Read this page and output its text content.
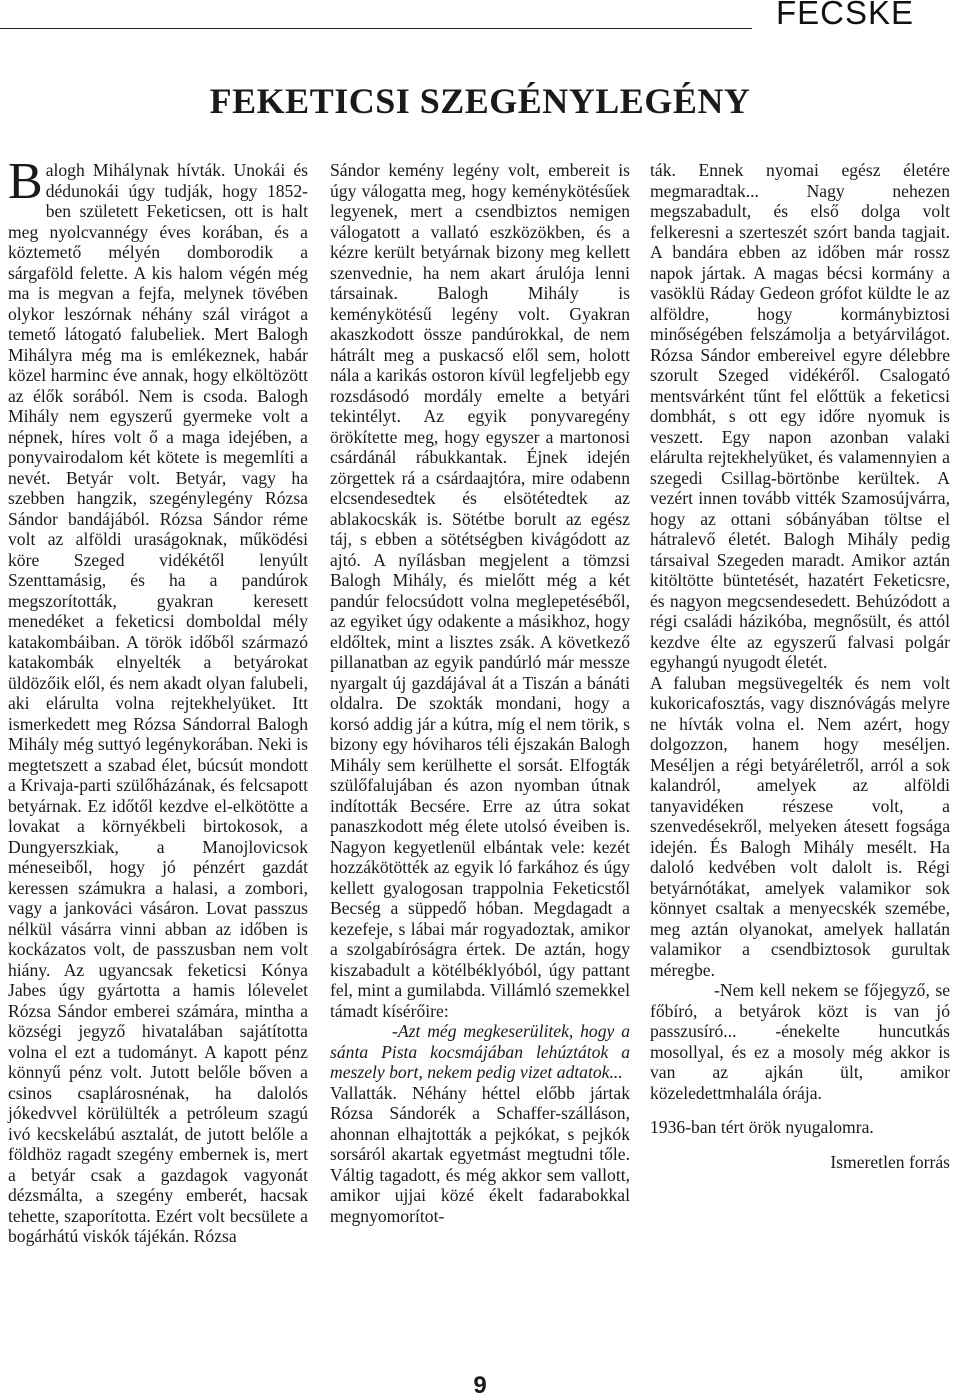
FECSKE
FEKETICSI SZEGÉNYLEGÉNY

Balogh Mihálynak hívták. Unokái és dédunokái úgy tudják, hogy 1852-ben született Feketicsen, ott is halt meg nyolcvannégy éves korában, és a köztemető mélyén domborodik a sárgaföld felette. A kis halom végén még ma is megvan a fejfa, melynek tövében olykor leszórnak néhány szál virágot a temető látogató falubeliek. Mert Balogh Mihályra még ma is emlékeznek, habár közel harminc éve annak, hogy elköltözött az élők sorából. Nem is csoda. Balogh Mihály nem egyszerű gyermeke volt a népnek, híres volt ő a maga idejében, a ponyvairodalom két kötete is megemlíti a nevét. Betyár volt. Betyár, vagy ha szebben hangzik, szegénylegény Rózsa Sándor bandájából. Rózsa Sándor réme volt az alföldi uraságoknak, működési köre Szeged vidékétől lenyúlt Szenttamásig, és ha a pandúrok megszorították, gyakran keresett menedéket a feketicsi domboldal mély katakombáiban. A török időből származó katakombák elnyelték a betyárokat üldözőik elől, és nem akadt olyan falubeli, aki elárulta volna rejtekhelyüket. Itt ismerkedett meg Rózsa Sándorral Balogh Mihály még suttyó legénykorában. Neki is megtetszett a szabad élet, búcsút mondott a Krivaja-parti szülőházának, és felcsapott betyárnak. Ez időtől kezdve el-elkötötte a lovakat a környékbeli birtokosok, a Dungyerszkiak, a Manojlovicsok méneseiből, hogy jó pénzért gazdát keressen számukra a halasi, a zombori, vagy a jankováci vásáron. Lovat passzus nélkül vásárra vinni abban az időben is kockázatos volt, de passzusban nem volt hiány. Az ugyancsak feketicsi Kónya Jabes úgy gyártotta a hamis lólevelet Rózsa Sándor emberei számára, mintha a községi jegyző hivatalában sajátította volna el ezt a tudományt. A kapott pénz könnyű pénz volt. Jutott belőle bőven a csinos csaplárosnénak, ha dalolós jókedvvel körülülték a petróleum szagú ivó kecskelábú asztalát, de jutott belőle a földhöz ragadt szegény embernek is, mert a betyár csak a gazdagok vagyonát dézsmálta, a szegény emberét, hacsak tehette, szaporította. Ezért volt becsülete a bogárhátú viskók tájékán. Rózsa

Sándor kemény legény volt, embereit is úgy válogatta meg, hogy keménykötésűek legyenek, mert a csendbiztos nemigen válogatott a vallató eszközökben, és a kézre került betyárnak bizony meg kellett szenvednie, ha nem akart árulója lenni társainak. Balogh Mihály is keménykötésű legény volt. Gyakran akaszkodott össze pandúrokkal, de nem hátrált meg a puskacső elől sem, holott nála a karikás ostoron kívül legfeljebb egy rozsdásodó mordály emelte a betyári tekintélyt. Az egyik ponyvaregény örökítette meg, hogy egyszer a martonosi csárdánál rábukkantak. Éjnek idején zörgettek rá a csárdaajtóra, mire odabenn elcsendesedtek és elsötétedtek az ablakocskák is. Sötétbe borult az egész táj, s ebben a sötétségben kivágódott az ajtó. A nyílásban megjelent a tömzsi Balogh Mihály, és mielőtt még a két pandúr felocsúdott volna meglepetéséből, az egyiket úgy odakente a másikhoz, hogy eldőltek, mint a lisztes zsák. A következő pillanatban az egyik pandúrló már messze nyargalt új gazdájával át a Tiszán a bánáti oldalra. De szokták mondani, hogy a korsó addig jár a kútra, míg el nem törik, s bizony egy hóviharos téli éjszakán Balogh Mihály sem kerülhette el sorsát. Elfogták szülőfalujában és azon nyomban útnak indították Becsére. Erre az útra sokat panaszkodott még élete utolsó éveiben is. Nagyon kegyetlenül elbántak vele: kezét hozzákötötték az egyik ló farkához és úgy kellett gyalogosan trappolnia Feketicstől Becség a süppedő hóban. Megdagadt a kezefeje, s lábai már rogyadoztak, amikor a szolgabíróságra értek. De aztán, hogy kiszabadult a kötélbéklyóból, úgy pattant fel, mint a gumilabda. Villámló szemekkel támadt kísérőire:

-Azt még megkeserülitek, hogy a sánta Pista kocsmájában lehúztátok a meszely bort, nekem pedig vizet adtatok...

Vallatták. Néhány héttel előbb jártak Rózsa Sándorék a Schaffer-szálláson, ahonnan elhajtották a pejkókat, s pejkók sorsáról akartak egyetmást megtudni tőle. Váltig tagadott, és még akkor sem vallott, amikor ujjai közé ékelt fadarabokkal megnyomorítot-

ták. Ennek nyomai egész életére megmaradtak... Nagy nehezen megszabadult, és első dolga volt felkeresni a szerteszét szórt banda tagjait. A bandára ebben az időben már rossz napok jártak. A magas bécsi kormány a vasöklü Ráday Gedeon grófot küldte le az alföldre, hogy kormánybiztosi minőségében felszámolja a betyárvilágot. Rózsa Sándor embereivel egyre délebbre szorult Szeged vidékéről. Csalogató mentsvárként tűnt fel előttük a feketicsi dombhát, s ott egy időre nyomuk is veszett. Egy napon azonban valaki elárulta rejtekhelyüket, és valamennyien a szegedi Csillag-börtönbe kerültek. A vezért innen tovább vitték Szamosújvárra, hogy az ottani sóbányában töltse el hátralevő életét. Balogh Mihály pedig társaival Szegeden maradt. Amikor aztán kitöltötte büntetését, hazatért Feketicsre, és nagyon megcsendesedett. Behúzódott a régi családi házikóba, megnősült, és attól kezdve élte az egyszerű falvasi polgár egyhangú nyugodt életét.

A faluban megsüvegelték és nem volt kukoricafosztás, vagy disznóvágás melyre ne hívták volna el. Nem azért, hogy dolgozzon, hanem hogy meséljen. Meséljen a régi betyáréletről, arról a sok kalandról, amelyek az alföldi tanyavidéken részese volt, a szenvedésekről, melyeken átesett fogsága idején. És Balogh Mihály mesélt. Ha daloló kedvében volt dalolt is. Régi betyárnótákat, amelyek valamikor sok könnyet csaltak a menyecskék szemébe, meg aztán olyanokat, amelyek hallatán valamikor a csendbiztosok gurultak méregbe.

-Nem kell nekem se főjegyző, se főbíró, a betyárok közt is van jó passzusíró... -énekelte huncutkás mosollyal, és ez a mosoly még akkor is van az ajkán ült, amikor közeledettmhalála órája.

1936-ban tért örök nyugalomra.

Ismeretlen forrás

9
